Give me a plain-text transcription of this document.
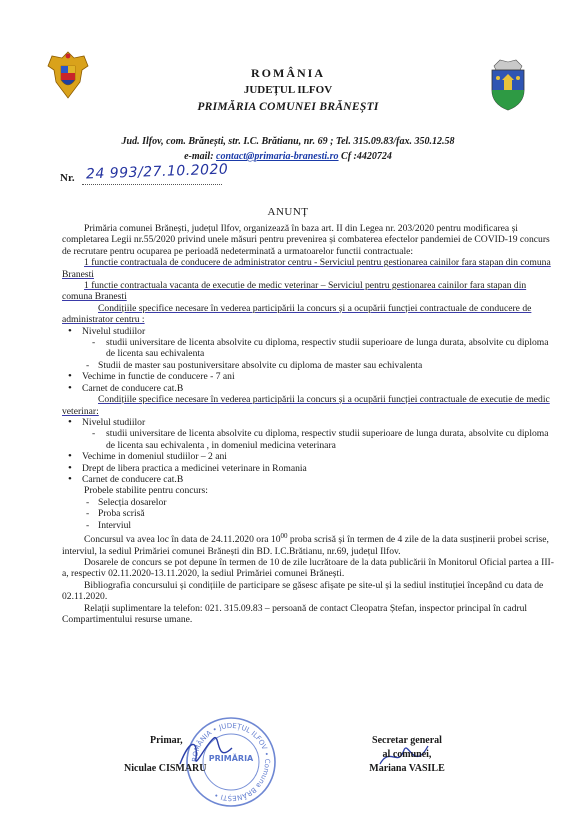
ROMÂNIA
JUDEȚUL ILFOV
PRIMĂRIA COMUNEI BRĂNEȘTI
Jud. Ilfov, com. Brănești, str. I.C. Brătianu, nr. 69 ; Tel. 315.09.83/fax. 350.12.58
e-mail: contact@primaria-branesti.ro Cf :4420724
Nr. 24 993/27.10.2020
ANUNȚ

Primăria comunei Brănești, județul Ilfov, organizează în baza art. II din Legea nr. 203/2020 pentru modificarea și completarea Legii nr.55/2020 privind unele măsuri pentru prevenirea și combaterea efectelor pandemiei de COVID-19 concurs de recrutare pentru ocuparea pe perioadă nedeterminată a urmatoarelor functii contractuale:

1 functie contractuala de conducere de administrator centru - Serviciul pentru gestionarea cainilor fara stapan din comuna Branesti

1 functie contractuala vacanta de executie de medic veterinar – Serviciul pentru gestionarea cainilor fara stapan din comuna Branesti

Condițiile specifice necesare în vederea participării la concurs și a ocupării funcției contractuale de conducere de administrator centru :

• Nivelul studiilor
- studii universitare de licenta absolvite cu diploma, respectiv studii superioare de lunga durata, absolvite cu diploma de licenta sau echivalenta
- Studii de master sau postuniversitare absolvite cu diploma de master sau echivalenta
• Vechime in functie de conducere - 7 ani
• Carnet de conducere cat.B

Condițiile specifice necesare în vederea participării la concurs și a ocupării funcției contractuale de executie de medic veterinar:

• Nivelul studiilor
- studii universitare de licenta absolvite cu diploma, respectiv studii superioare de lunga durata, absolvite cu diploma de licenta sau echivalenta , in domeniul medicina veterinara
• Vechime in domeniul studiilor – 2 ani
• Drept de libera practica a medicinei veterinare in Romania
• Carnet de conducere cat.B

Probele stabilite pentru concurs:

- Selecția dosarelor
- Proba scrisă
- Interviul

Concursul va avea loc în data de 24.11.2020 ora $10^{00}$ proba scrisă și în termen de 4 zile de la data susținerii probei scrise, interviul, la sediul Primăriei comunei Brănești din BD. I.C.Brătianu, nr.69, județul Ilfov.

Dosarele de concurs se pot depune în termen de 10 de zile lucrătoare de la data publicării în Monitorul Oficial partea a III-a, respectiv 02.11.2020-13.11.2020, la sediul Primăriei comunei Brănești.

Bibliografia concursului și condițiile de participare se găsesc afișate pe site-ul și la sediul instituției începând cu data de 02.11.2020.

Relații suplimentare la telefon: 021. 315.09.83 – persoană de contact Cleopatra Ștefan, inspector principal în cadrul Compartimentului resurse umane.

ROMÂNIA • JUDEȚUL ILFOV • Comuna BRĂNEȘTI •
PRIMĂRIA
Primar,
Niculae CISMARU
Secretar general
al comunei,
Mariana VASILE
